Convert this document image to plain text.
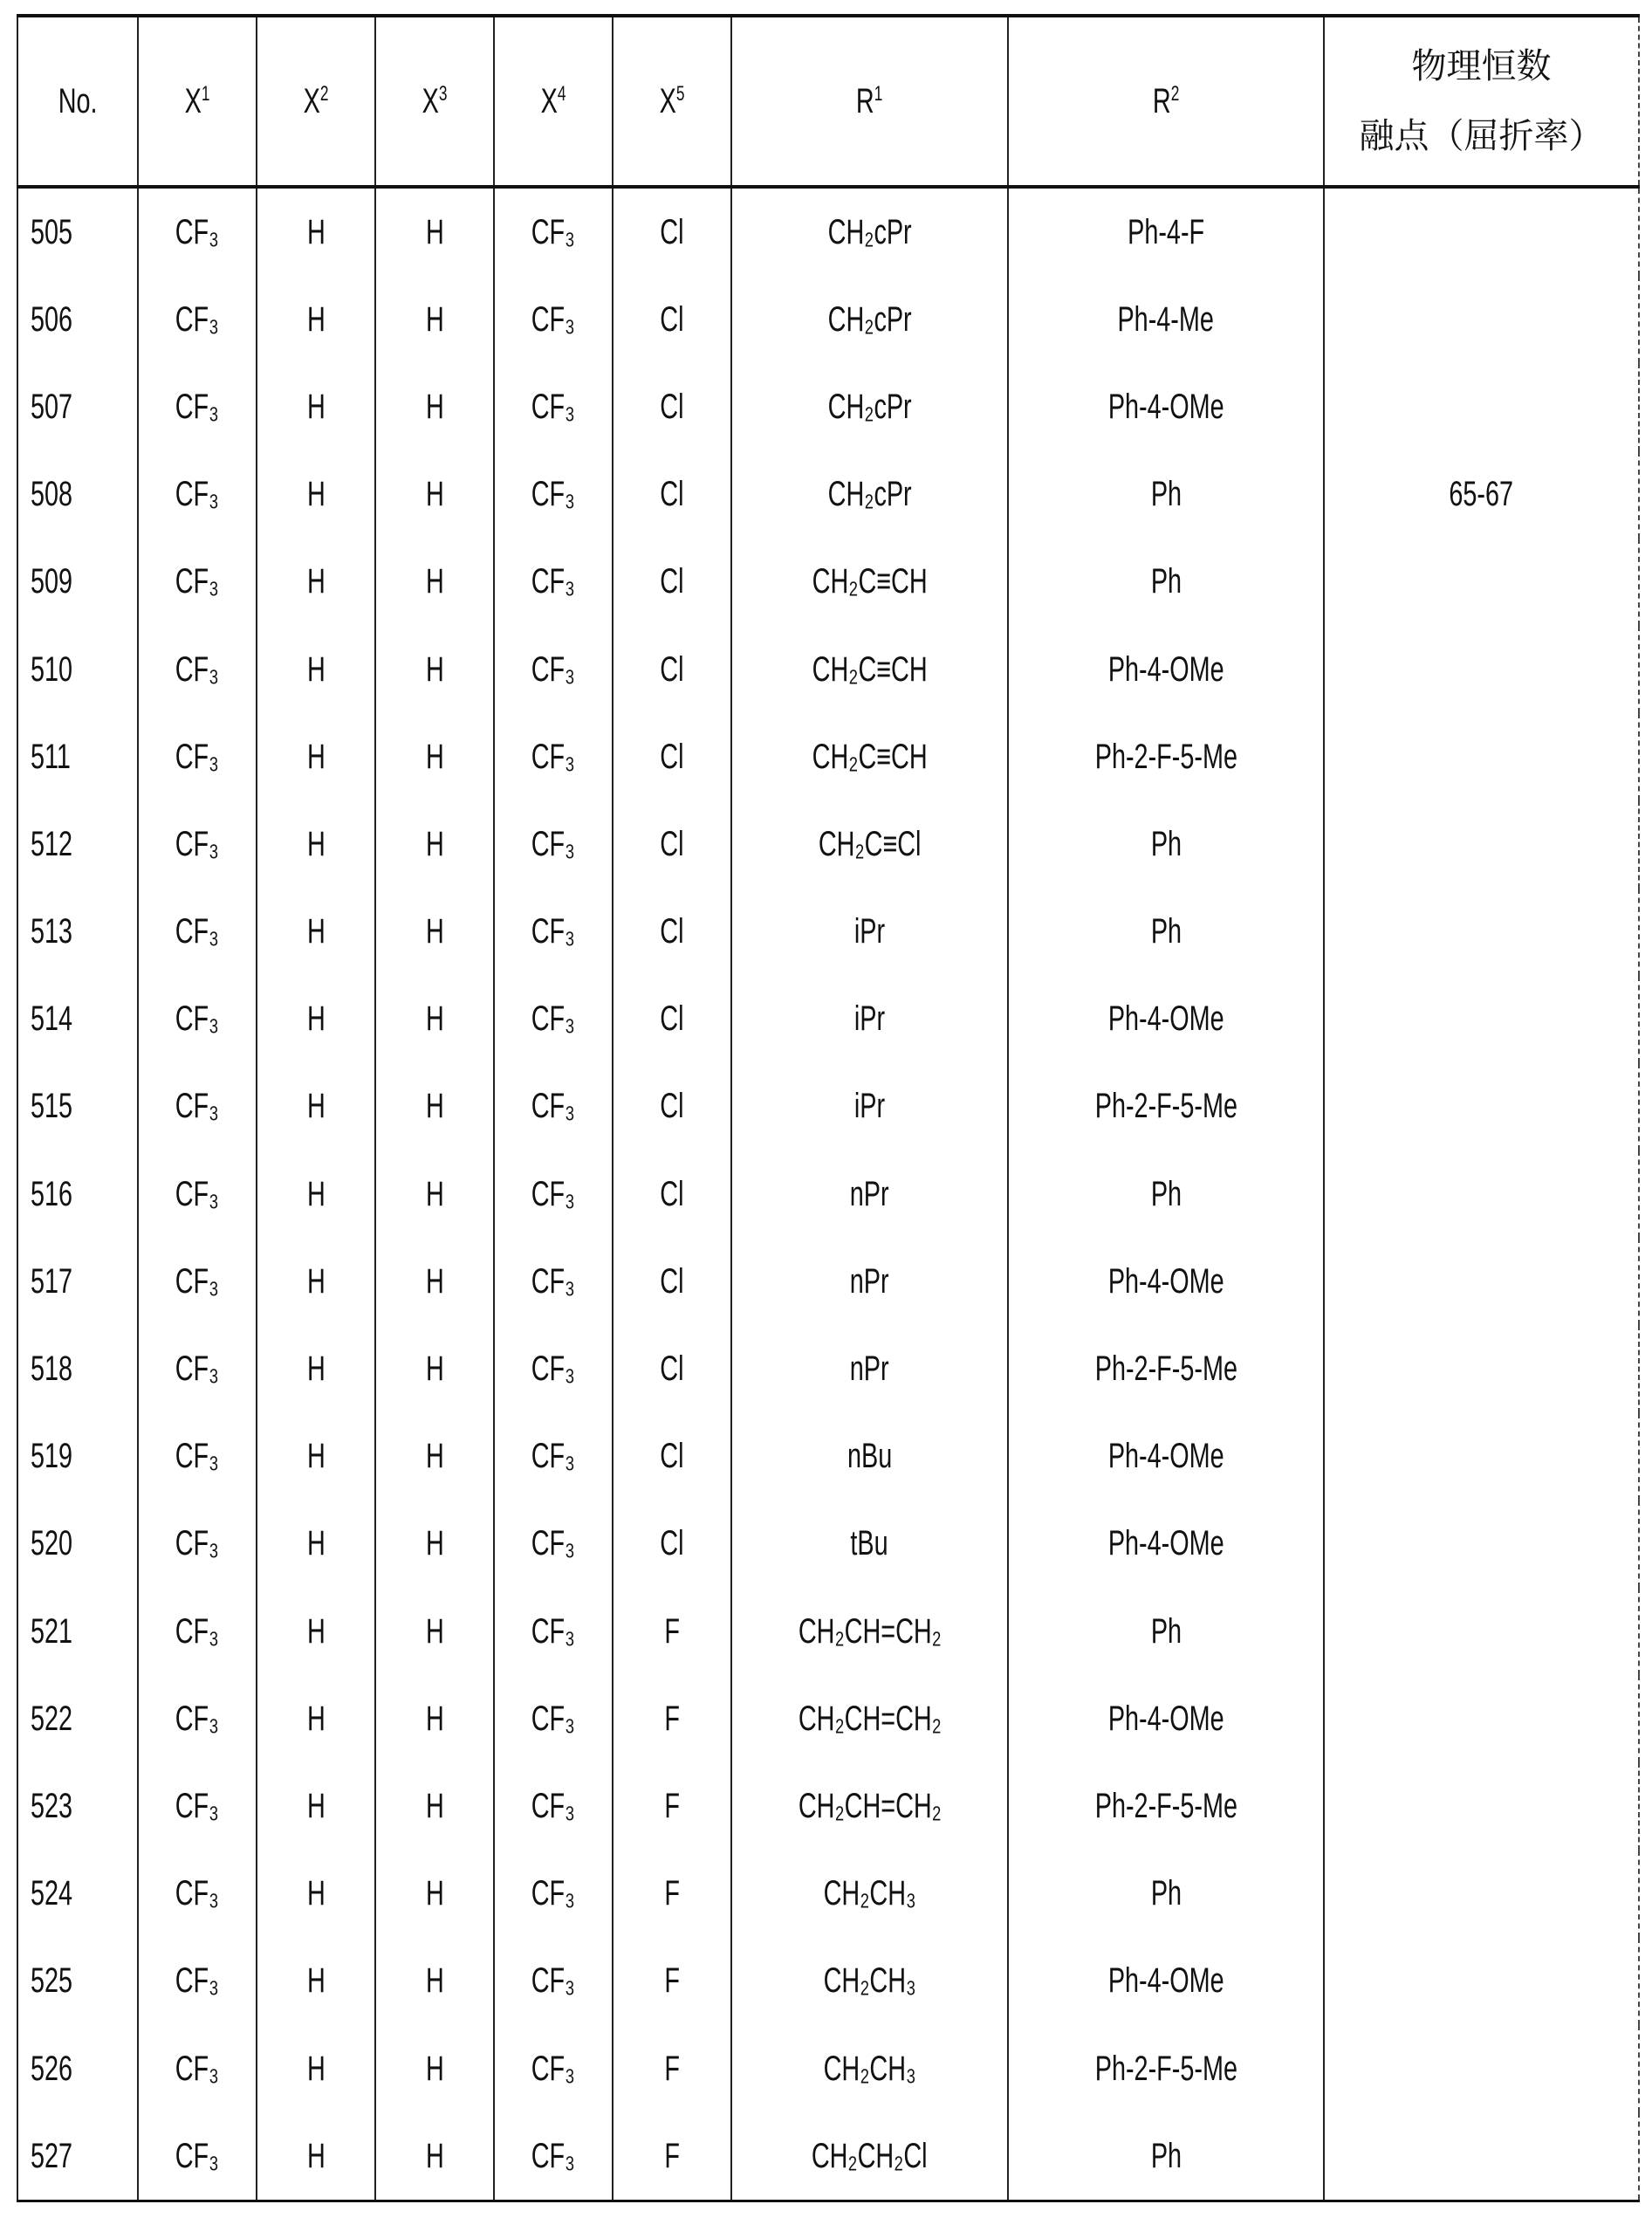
No.	X1	X2	X3	X4	X5	R1	R2	
物理恒数
融点（屈折率）

505	CF₃	H	H	CF₃	Cl	CH₂cPr	Ph-4-F	
506	CF₃	H	H	CF₃	Cl	CH₂cPr	Ph-4-Me	
507	CF₃	H	H	CF₃	Cl	CH₂cPr	Ph-4-OMe	
508	CF₃	H	H	CF₃	Cl	CH₂cPr	Ph	65-67
509	CF₃	H	H	CF₃	Cl	CH₂C≡CH	Ph	
510	CF₃	H	H	CF₃	Cl	CH₂C≡CH	Ph-4-OMe	
511	CF₃	H	H	CF₃	Cl	CH₂C≡CH	Ph-2-F-5-Me	
512	CF₃	H	H	CF₃	Cl	CH₂C≡Cl	Ph	
513	CF₃	H	H	CF₃	Cl	iPr	Ph	
514	CF₃	H	H	CF₃	Cl	iPr	Ph-4-OMe	
515	CF₃	H	H	CF₃	Cl	iPr	Ph-2-F-5-Me	
516	CF₃	H	H	CF₃	Cl	nPr	Ph	
517	CF₃	H	H	CF₃	Cl	nPr	Ph-4-OMe	
518	CF₃	H	H	CF₃	Cl	nPr	Ph-2-F-5-Me	
519	CF₃	H	H	CF₃	Cl	nBu	Ph-4-OMe	
520	CF₃	H	H	CF₃	Cl	tBu	Ph-4-OMe	
521	CF₃	H	H	CF₃	F	CH₂CH=CH₂	Ph	
522	CF₃	H	H	CF₃	F	CH₂CH=CH₂	Ph-4-OMe	
523	CF₃	H	H	CF₃	F	CH₂CH=CH₂	Ph-2-F-5-Me	
524	CF₃	H	H	CF₃	F	CH₂CH₃	Ph	
525	CF₃	H	H	CF₃	F	CH₂CH₃	Ph-4-OMe	
526	CF₃	H	H	CF₃	F	CH₂CH₃	Ph-2-F-5-Me	
527	CF₃	H	H	CF₃	F	CH₂CH₂Cl	Ph	
